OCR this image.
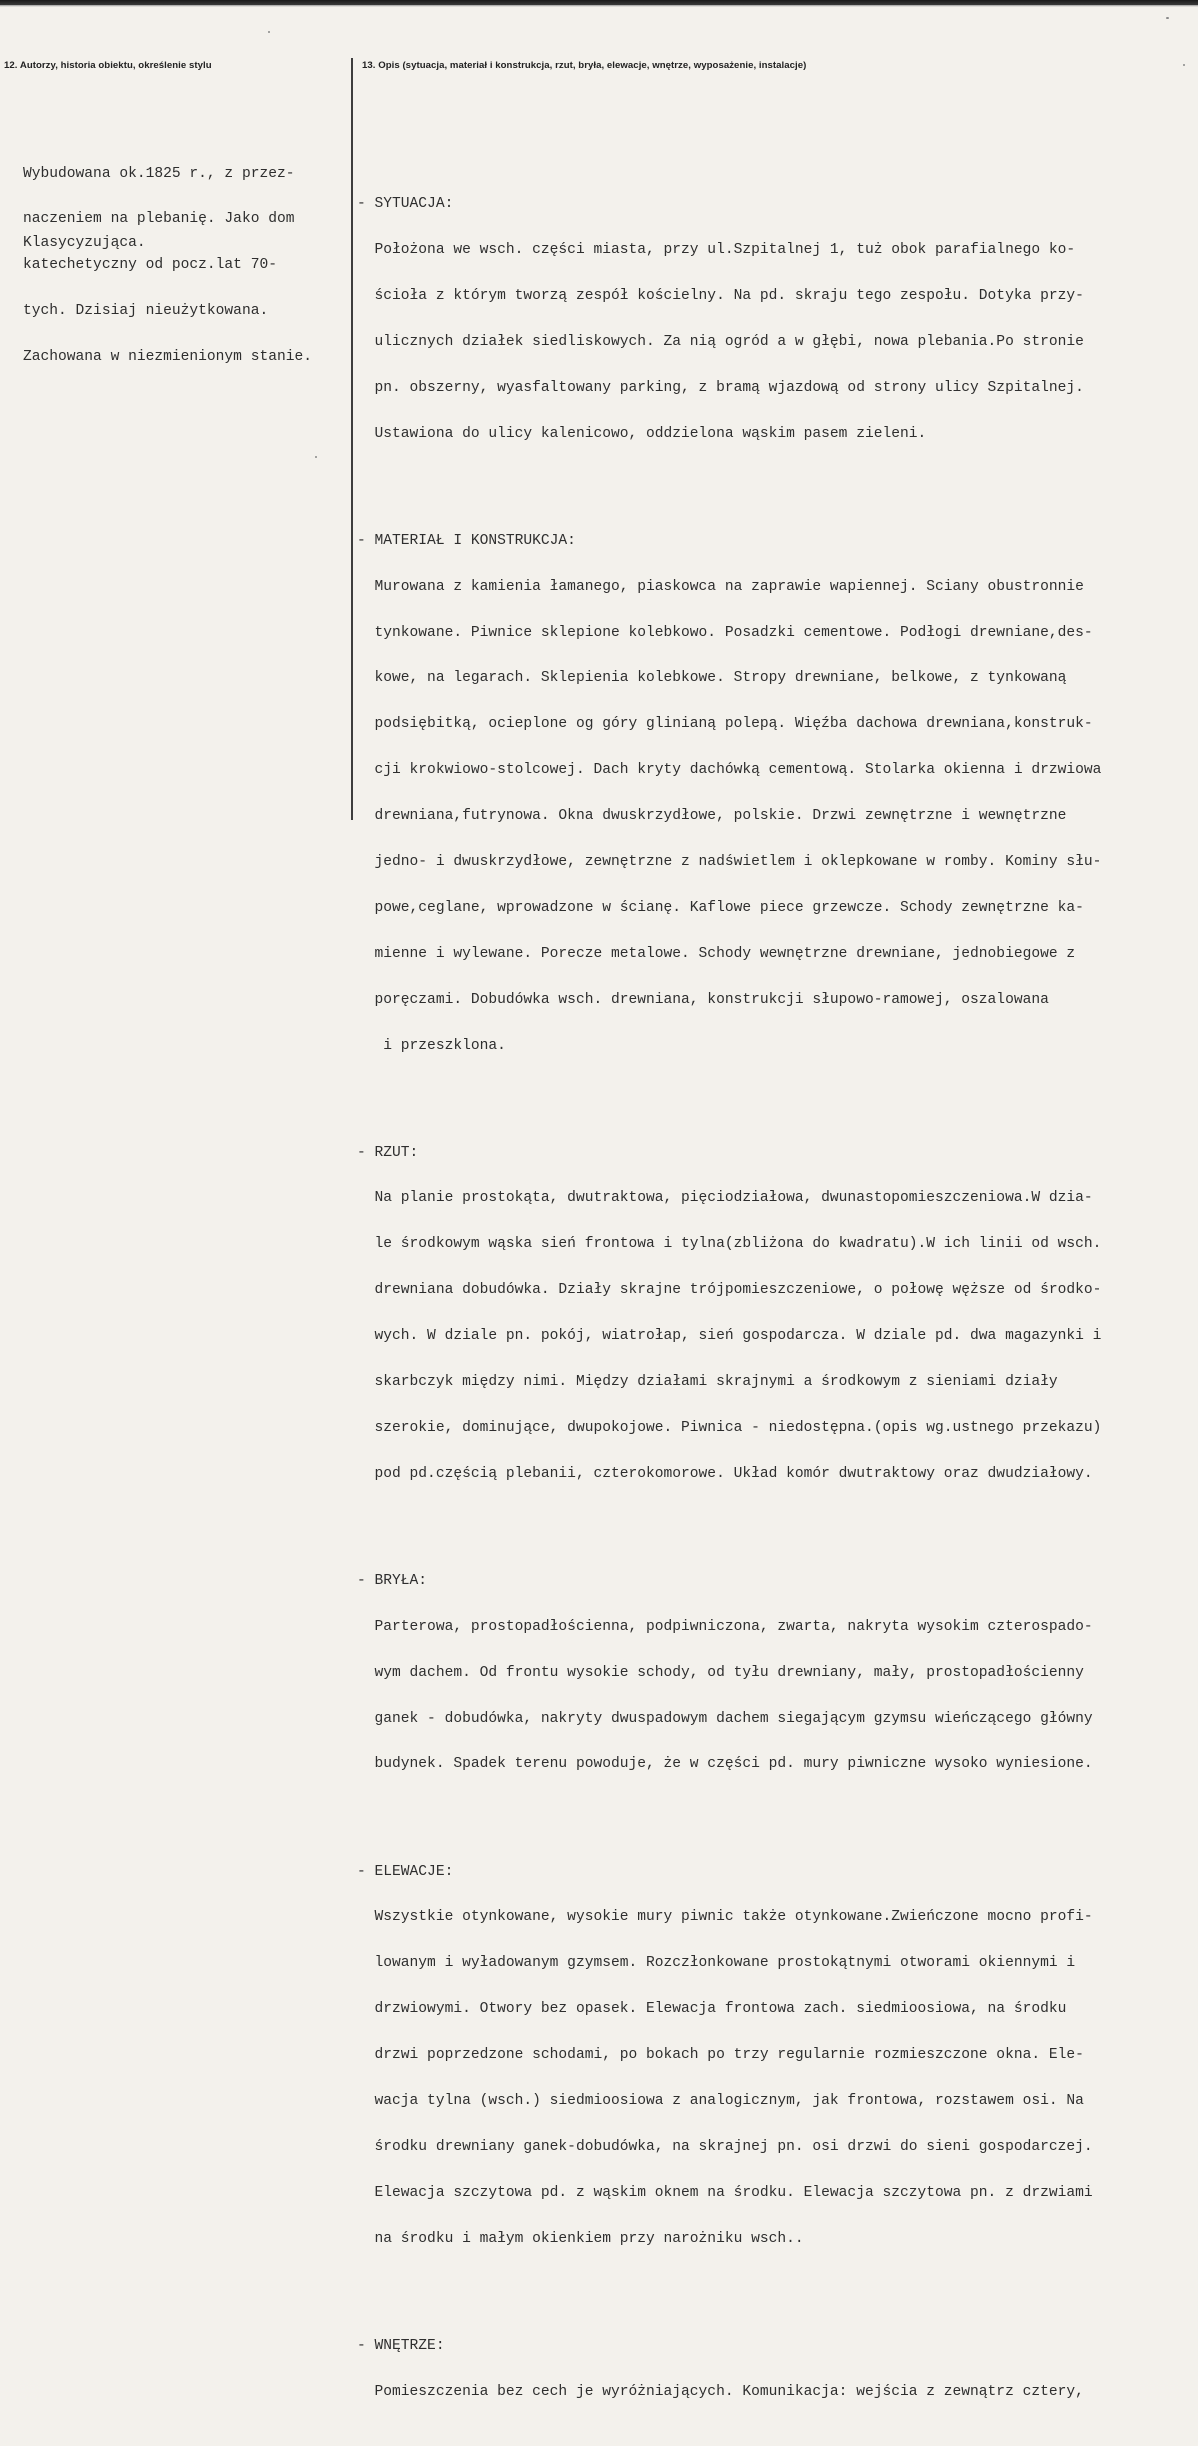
12. Autorzy, historia obiektu, określenie stylu	13. Opis (sytuacja, materiał i konstrukcja, rzut, bryła, elewacje, wnętrze, wyposażenie, instalacje)

Wybudowana ok.1825 r., z przez-

naczeniem na plebanię. Jako dom

katechetyczny od pocz.lat 70-

tych. Dzisiaj nieużytkowana.

Zachowana w niezmienionym stanie.

Klasycyzująca.

- SYTUACJA:

Położona we wsch. części miasta, przy ul.Szpitalnej 1, tuż obok parafialnego ko-

ścioła z którym tworzą zespół kościelny. Na pd. skraju tego zespołu. Dotyka przy-

ulicznych działek siedliskowych. Za nią ogród a w głębi, nowa plebania.Po stronie

pn. obszerny, wyasfaltowany parking, z bramą wjazdową od strony ulicy Szpitalnej.

Ustawiona do ulicy kalenicowo, oddzielona wąskim pasem zieleni.

- MATERIAŁ I KONSTRUKCJA:

Murowana z kamienia łamanego, piaskowca na zaprawie wapiennej. Sciany obustronnie

tynkowane. Piwnice sklepione kolebkowo. Posadzki cementowe. Podłogi drewniane,des-

kowe, na legarach. Sklepienia kolebkowe. Stropy drewniane, belkowe, z tynkowaną

podsiębitką, ocieplone og góry glinianą polepą. Więźba dachowa drewniana,konstruk-

cji krokwiowo-stolcowej. Dach kryty dachówką cementową. Stolarka okienna i drzwiowa

drewniana,futrynowa. Okna dwuskrzydłowe, polskie. Drzwi zewnętrzne i wewnętrzne

jedno- i dwuskrzydłowe, zewnętrzne z nadświetlem i oklepkowane w romby. Kominy słu-

powe,ceglane, wprowadzone w ścianę. Kaflowe piece grzewcze. Schody zewnętrzne ka-

mienne i wylewane. Porecze metalowe. Schody wewnętrzne drewniane, jednobiegowe z

poręczami. Dobudówka wsch. drewniana, konstrukcji słupowo-ramowej, oszalowana

i przeszklona.

- RZUT:

Na planie prostokąta, dwutraktowa, pięciodziałowa, dwunastopomieszczeniowa.W dzia-

le środkowym wąska sień frontowa i tylna(zbliżona do kwadratu).W ich linii od wsch.

drewniana dobudówka. Działy skrajne trójpomieszczeniowe, o połowę węższe od środko-

wych. W dziale pn. pokój, wiatrołap, sień gospodarcza. W dziale pd. dwa magazynki i

skarbczyk między nimi. Między działami skrajnymi a środkowym z sieniami działy

szerokie, dominujące, dwupokojowe. Piwnica - niedostępna.(opis wg.ustnego przekazu)

pod pd.częścią plebanii, czterokomorowe. Układ komór dwutraktowy oraz dwudziałowy.

- BRYŁA:

Parterowa, prostopadłościenna, podpiwniczona, zwarta, nakryta wysokim czterospado-

wym dachem. Od frontu wysokie schody, od tyłu drewniany, mały, prostopadłościenny

ganek - dobudówka, nakryty dwuspadowym dachem siegającym gzymsu wieńczącego główny

budynek. Spadek terenu powoduje, że w części pd. mury piwniczne wysoko wyniesione.

- ELEWACJE:

Wszystkie otynkowane, wysokie mury piwnic także otynkowane.Zwieńczone mocno profi-

lowanym i wyładowanym gzymsem. Rozczłonkowane prostokątnymi otworami okiennymi i

drzwiowymi. Otwory bez opasek. Elewacja frontowa zach. siedmioosiowa, na środku

drzwi poprzedzone schodami, po bokach po trzy regularnie rozmieszczone okna. Ele-

wacja tylna (wsch.) siedmioosiowa z analogicznym, jak frontowa, rozstawem osi. Na

środku drewniany ganek-dobudówka, na skrajnej pn. osi drzwi do sieni gospodarczej.

Elewacja szczytowa pd. z wąskim oknem na środku. Elewacja szczytowa pn. z drzwiami

na środku i małym okienkiem przy narożniku wsch..

- WNĘTRZE:

Pomieszczenia bez cech je wyróżniających. Komunikacja: wejścia z zewnątrz cztery,
